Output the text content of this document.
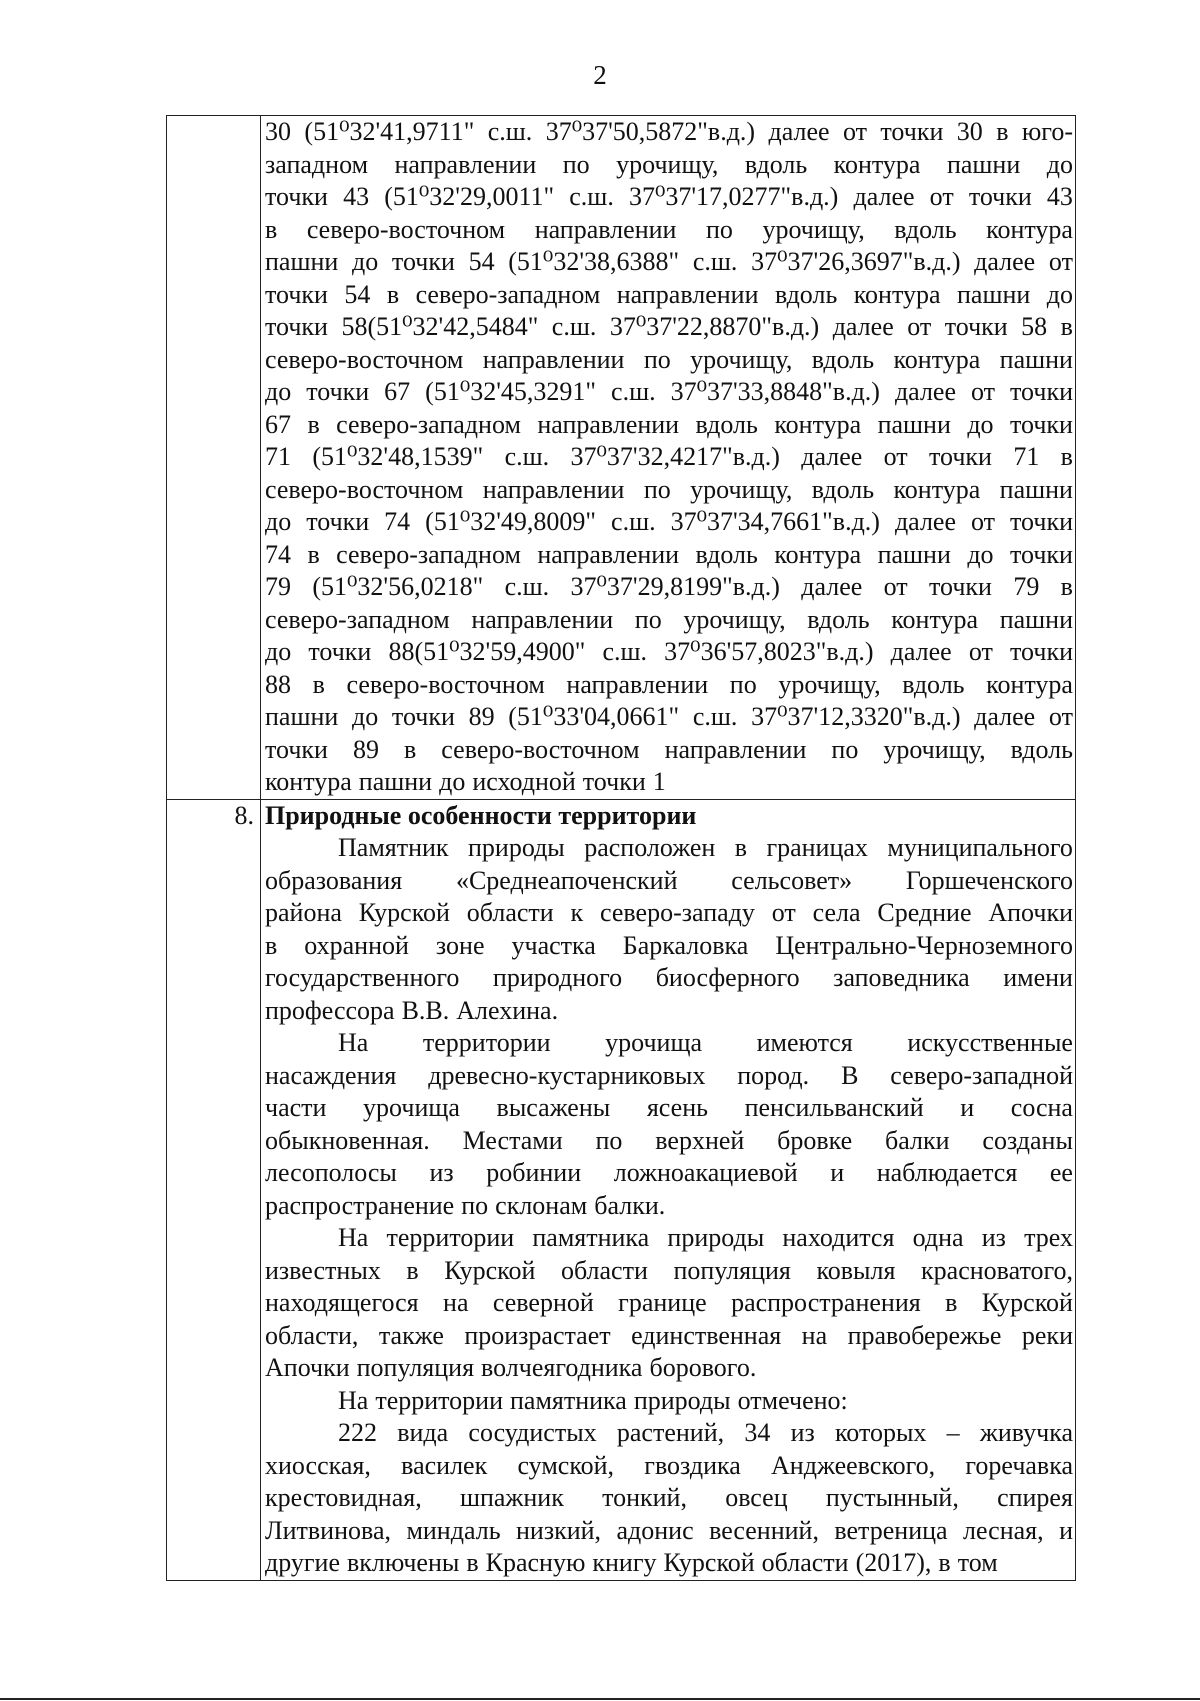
2
30 (51⁰32'41,9711" с.ш. 37⁰37'50,5872"в.д.) далее от точки 30 в юго-
западном направлении по урочищу, вдоль контура пашни до
точки 43 (51⁰32'29,0011" с.ш. 37⁰37'17,0277"в.д.) далее от точки 43
в северо-восточном направлении по урочищу, вдоль контура
пашни до точки 54 (51⁰32'38,6388" с.ш. 37⁰37'26,3697"в.д.) далее от
точки 54 в северо-западном направлении вдоль контура пашни до
точки 58(51⁰32'42,5484" с.ш. 37⁰37'22,8870"в.д.) далее от точки 58 в
северо-восточном направлении по урочищу, вдоль контура пашни
до точки 67 (51⁰32'45,3291" с.ш. 37⁰37'33,8848"в.д.) далее от точки
67 в северо-западном направлении вдоль контура пашни до точки
71 (51⁰32'48,1539" с.ш. 37⁰37'32,4217"в.д.) далее от точки 71 в
северо-восточном направлении по урочищу, вдоль контура пашни
до точки 74 (51⁰32'49,8009" с.ш. 37⁰37'34,7661"в.д.) далее от точки
74 в северо-западном направлении вдоль контура пашни до точки
79 (51⁰32'56,0218" с.ш. 37⁰37'29,8199"в.д.) далее от точки 79 в
северо-западном направлении по урочищу, вдоль контура пашни
до точки 88(51⁰32'59,4900" с.ш. 37⁰36'57,8023"в.д.) далее от точки
88 в северо-восточном направлении по урочищу, вдоль контура
пашни до точки 89 (51⁰33'04,0661" с.ш. 37⁰37'12,3320"в.д.) далее от
точки 89 в северо-восточном направлении по урочищу, вдоль
контура пашни до исходной точки 1
8. Природные особенности территории
Памятник природы расположен в границах муниципального
образования «Среднеапоченский сельсовет» Горшеченского
района Курской области к северо-западу от села Средние Апочки
в охранной зоне участка Баркаловка Центрально-Черноземного
государственного природного биосферного заповедника имени
профессора В.В. Алехина.
На территории урочища имеются искусственные
насаждения древесно-кустарниковых пород. В северо-западной
части урочища высажены ясень пенсильванский и сосна
обыкновенная. Местами по верхней бровке балки созданы
лесополосы из робинии ложноакациевой и наблюдается ее
распространение по склонам балки.
На территории памятника природы находится одна из трех
известных в Курской области популяция ковыля красноватого,
находящегося на северной границе распространения в Курской
области, также произрастает единственная на правобережье реки
Апочки популяция волчеягодника борового.
На территории памятника природы отмечено:
222 вида сосудистых растений, 34 из которых – живучка
хиосская, василек сумской, гвоздика Анджеевского, горечавка
крестовидная, шпажник тонкий, овсец пустынный, спирея
Литвинова, миндаль низкий, адонис весенний, ветреница лесная, и
другие включены в Красную книгу Курской области (2017), в том
